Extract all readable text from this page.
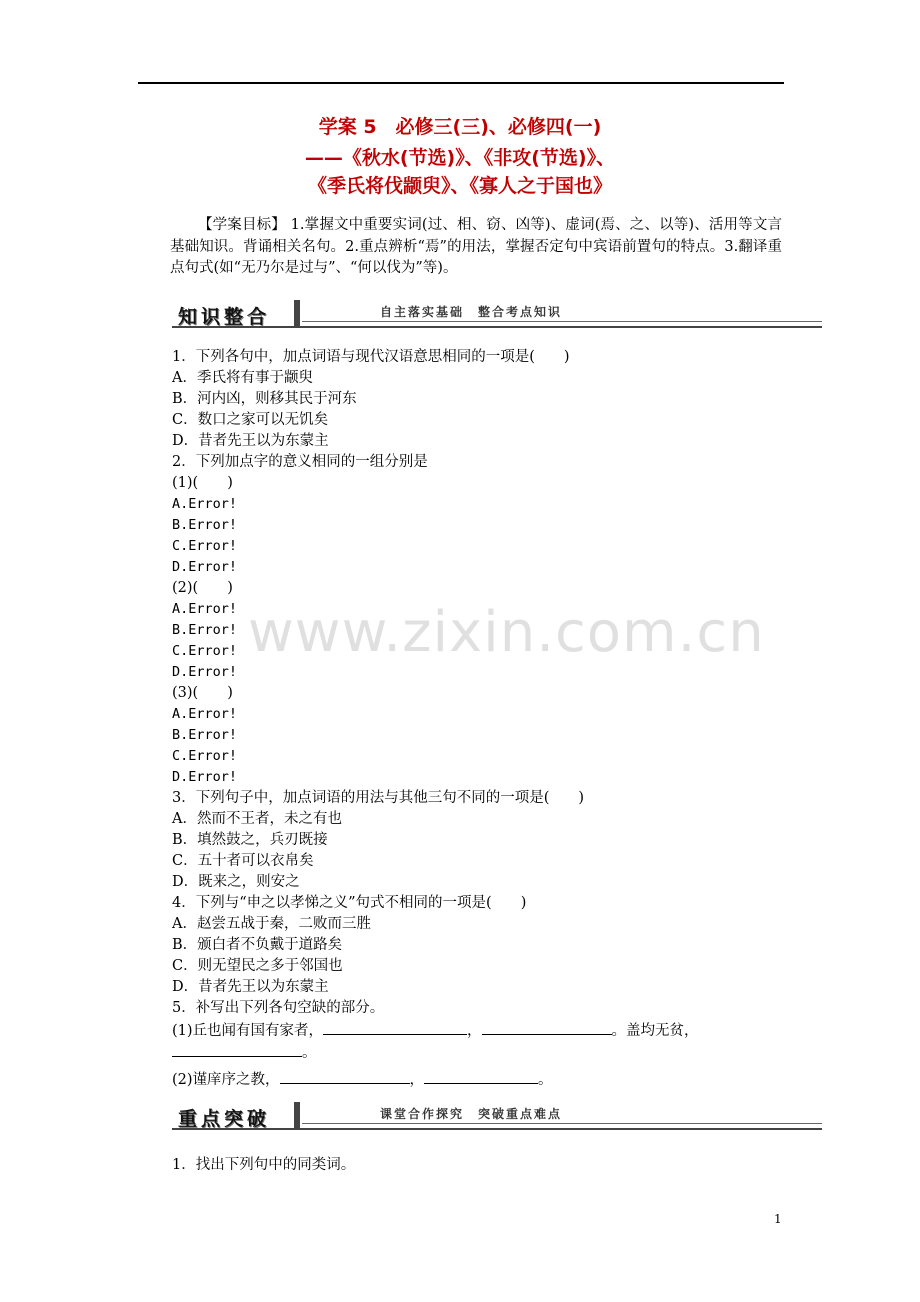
学案 5　必修三(三)、必修四(一)
——《秋水(节选)》、《非攻(节选)》、
《季氏将伐颛臾》、《寡人之于国也》
【学案目标】 1.掌握文中重要实词(过、相、窃、凶等)、虚词(焉、之、以等)、活用等文言基础知识。背诵相关名句。2.重点辨析“焉”的用法，掌握否定句中宾语前置句的特点。3.翻译重点句式(如“无乃尔是过与”、“何以伐为”等)。
知识整合	自主落实基础　整合考点知识
1．下列各句中，加点词语与现代汉语意思相同的一项是(　　)
A．季氏将有事于颛臾
B．河内凶，则移其民于河东
C．数口之家可以无饥矣
D．昔者先王以为东蒙主
2．下列加点字的意义相同的一组分别是
(1)(　　)
A.Error!
B.Error!
C.Error!
D.Error!
(2)(　　)
A.Error!
B.Error!
C.Error!
D.Error!
(3)(　　)
A.Error!
B.Error!
C.Error!
D.Error!
3．下列句子中，加点词语的用法与其他三句不同的一项是(　　)
A．然而不王者，未之有也
B．填然鼓之，兵刃既接
C．五十者可以衣帛矣
D．既来之，则安之
4．下列与“申之以孝悌之义”句式不相同的一项是(　　)
A．赵尝五战于秦，二败而三胜
B．颁白者不负戴于道路矣
C．则无望民之多于邻国也
D．昔者先王以为东蒙主
5．补写出下列各句空缺的部分。
(1)丘也闻有国有家者，	，	。盖均无贫，
。
(2)谨庠序之教，	，	。
重点突破	课堂合作探究　突破重点难点
1．找出下列句中的同类词。
www.zixin.com.cn
1
